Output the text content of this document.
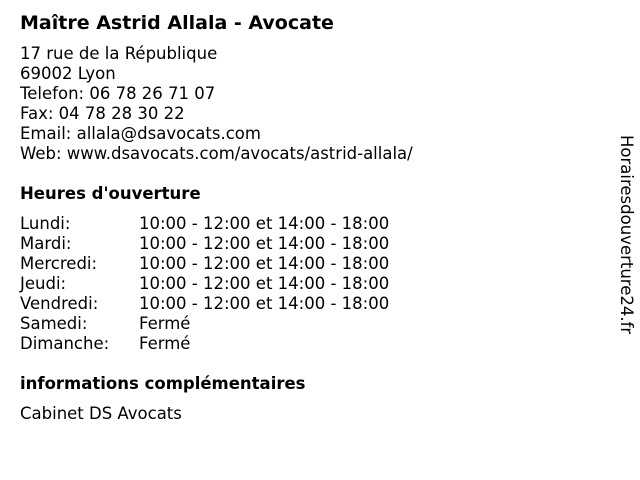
Maître Astrid Allala - Avocate
17 rue de la République
69002 Lyon
Telefon: 06 78 26 71 07
Fax: 04 78 28 30 22
Email: allala@dsavocats.com
Web: www.dsavocats.com/avocats/astrid-allala/
Heures d'ouverture
Lundi:	10:00 - 12:00 et 14:00 - 18:00
Mardi:	10:00 - 12:00 et 14:00 - 18:00
Mercredi:	10:00 - 12:00 et 14:00 - 18:00
Jeudi:	10:00 - 12:00 et 14:00 - 18:00
Vendredi:	10:00 - 12:00 et 14:00 - 18:00
Samedi:	Fermé
Dimanche:	Fermé
informations complémentaires
Cabinet DS Avocats
Horairesdouverture24.fr
